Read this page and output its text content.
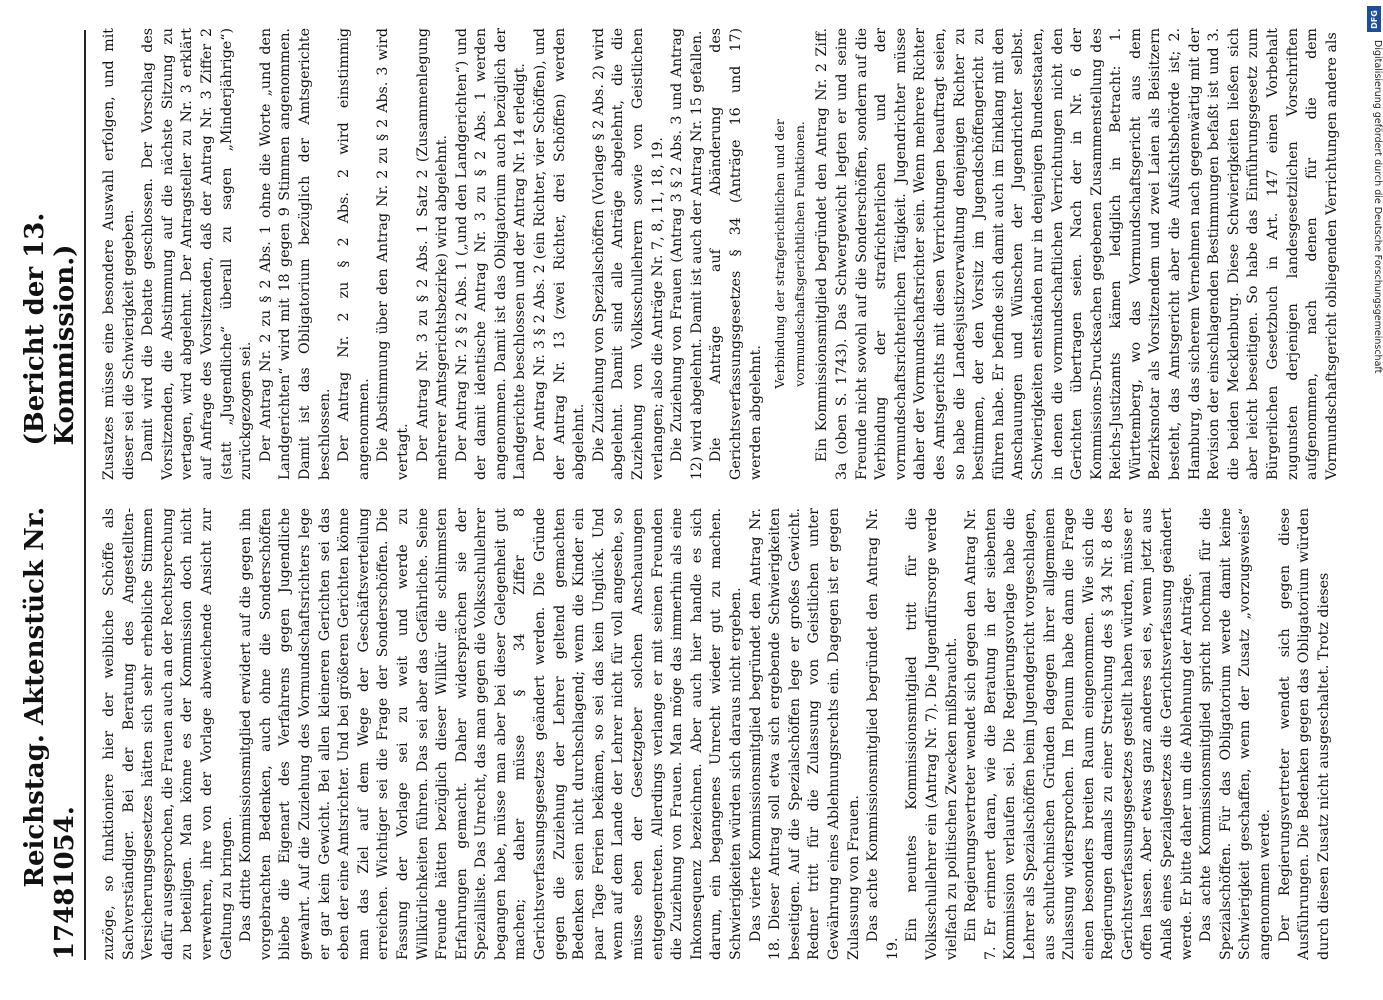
1748
Reichstag. Aktenstück Nr. 1054.
(Bericht der 13. Kommission.)

zuzöge, so funktioniere hier der weibliche Schöffe als Sachverständiger. Bei der Beratung des Angestellten-Versicherungsgesetzes hätten sich sehr erhebliche Stimmen dafür ausgesprochen, die Frauen auch an der Rechtsprechung zu beteiligen. Man könne es der Kommission doch nicht verwehren, ihre von der Vorlage abweichende Ansicht zur Geltung zu bringen. Das dritte Kommissionsmitglied erwidert auf die gegen ihn vorgebrachten Bedenken, auch ohne die Sonderschöffen bliebe die Eigenart des Verfahrens gegen Jugendliche gewahrt. Auf die Zuziehung des Vormundschaftsrichters lege er gar kein Gewicht. Bei allen kleineren Gerichten sei das eben der eine Amtsrichter. Und bei größeren Gerichten könne man das Ziel auf dem Wege der Geschäftsverteilung erreichen. Wichtiger sei die Frage der Sonderschöffen. Die Fassung der Vorlage sei zu weit und werde zu Willkürlichkeiten führen. Das sei aber das Gefährliche. Seine Freunde hätten bezüglich dieser Willkür die schlimmsten Erfahrungen gemacht. Daher widersprächen sie der Spezialliste. Das Unrecht, das man gegen die Volksschullehrer begangen habe, müsse man aber bei dieser Gelegenheit gut machen; daher müsse § 34 Ziffer 8 Gerichtsverfassungsgesetzes geändert werden. Die Gründe gegen die Zuziehung der Lehrer geltend gemachten Bedenken seien nicht durchschlagend; wenn die Kinder ein paar Tage Ferien bekämen, so sei das kein Unglück. Und wenn auf dem Lande der Lehrer nicht für voll angesehe, so müsse eben der Gesetzgeber solchen Anschauungen entgegentreten. Allerdings verlange er mit seinen Freunden die Zuziehung von Frauen. Man möge das immerhin als eine Inkonsequenz bezeichnen. Aber auch hier handle es sich darum, ein begangenes Unrecht wieder gut zu machen. Schwierigkeiten würden sich daraus nicht ergeben. Das vierte Kommissionsmitglied begründet den Antrag Nr. 18. Dieser Antrag soll etwa sich ergebende Schwierigkeiten beseitigen. Auf die Spezialschöffen lege er großes Gewicht. Redner tritt für die Zulassung von Geistlichen unter Gewährung eines Ablehnungsrechts ein. Dagegen ist er gegen Zulassung von Frauen. Das achte Kommissionsmitglied begründet den Antrag Nr. 19.

Ein neuntes Kommissionsmitglied tritt für die Volksschullehrer ein (Antrag Nr. 7). Die Jugendfürsorge werde vielfach zu politischen Zwecken mißbraucht. Ein Regierungsvertreter wendet sich gegen den Antrag Nr. 7. Er erinnert daran, wie die Beratung in der siebenten Kommission verlaufen sei. Die Regierungsvorlage habe die Lehrer als Spezialschöffen beim Jugendgericht vorgeschlagen, aus schultechnischen Gründen dagegen ihrer allgemeinen Zulassung widersprochen. Im Plenum habe dann die Frage einen besonders breiten Raum eingenommen. Wie sich die Regierungen damals zu einer Streichung des § 34 Nr. 8 des Gerichtsverfassungsgesetzes gestellt haben würden, müsse er offen lassen. Aber etwas ganz anderes sei es, wenn jetzt aus Anlaß eines Spezialgesetzes die Gerichtsverfassung geändert werde. Er bitte daher um die Ablehnung der Anträge. Das achte Kommissionsmitglied spricht nochmal für die Spezialschöffen. Für das Obligatorium werde damit keine Schwierigkeit geschaffen, wenn der Zusatz „vorzugsweise“ angenommen werde. Der Regierungsvertreter wendet sich gegen diese Ausführungen. Die Bedenken gegen das Obligatorium würden durch diesen Zusatz nicht ausgeschaltet. Trotz dieses

Zusatzes müsse eine besondere Auswahl erfolgen, und mit dieser sei die Schwierigkeit gegeben. Damit wird die Debatte geschlossen. Der Vorschlag des Vorsitzenden, die Abstimmung auf die nächste Sitzung zu vertagen, wird abgelehnt. Der Antragsteller zu Nr. 3 erklärt auf Anfrage des Vorsitzenden, daß der Antrag Nr. 3 Ziffer 2 (statt „Jugendliche“ überall zu sagen „Minderjährige“) zurückgezogen sei. Der Antrag Nr. 2 zu § 2 Abs. 1 ohne die Worte „und den Landgerichten“ wird mit 18 gegen 9 Stimmen angenommen. Damit ist das Obligatorium bezüglich der Amtsgerichte beschlossen. Der Antrag Nr. 2 zu § 2 Abs. 2 wird einstimmig angenommen. Die Abstimmung über den Antrag Nr. 2 zu § 2 Abs. 3 wird vertagt. Der Antrag Nr. 3 zu § 2 Abs. 1 Satz 2 (Zusammenlegung mehrerer Amtsgerichtsbezirke) wird abgelehnt. Der Antrag Nr. 2 § 2 Abs. 1 („und den Landgerichten“) und der damit identische Antrag Nr. 3 zu § 2 Abs. 1 werden angenommen. Damit ist das Obligatorium auch bezüglich der Landgerichte beschlossen und der Antrag Nr. 14 erledigt. Der Antrag Nr. 3 § 2 Abs. 2 (ein Richter, vier Schöffen), und der Antrag Nr. 13 (zwei Richter, drei Schöffen) werden abgelehnt. Die Zuziehung von Spezialschöffen (Vorlage § 2 Abs. 2) wird abgelehnt. Damit sind alle Anträge abgelehnt, die die Zuziehung von Volksschullehrern sowie von Geistlichen verlangen; also die Anträge Nr. 7, 8, 11, 18, 19. Die Zuziehung von Frauen (Antrag 3 § 2 Abs. 3 und Antrag 12) wird abgelehnt. Damit ist auch der Antrag Nr. 15 gefallen. Die Anträge auf Abänderung des Gerichtsverfassungsgesetzes § 34 (Anträge 16 und 17) werden abgelehnt.

Verbindung der strafgerichtlichen und der vormundschaftsgerichtlichen Funktionen. Ein Kommissionsmitglied begründet den Antrag Nr. 2 Ziff. 3a (oben S. 1743). Das Schwergewicht legten er und seine Freunde nicht sowohl auf die Sonderschöffen, sondern auf die Verbindung der strafrichterlichen und der vormundschaftsrichterlichen Tätigkeit. Jugendrichter müsse daher der Vormundschaftsrichter sein. Wenn mehrere Richter des Amtsgerichts mit diesen Verrichtungen beauftragt seien, so habe die Landesjustizverwaltung denjenigen Richter zu bestimmen, der den Vorsitz im Jugendschöffengericht zu führen habe. Er befinde sich damit auch im Einklang mit den Anschauungen und Wünschen der Jugendrichter selbst. Schwierigkeiten entständen nur in denjenigen Bundesstaaten, in denen die vormundschaftlichen Verrichtungen nicht den Gerichten übertragen seien. Nach der in Nr. 6 der Kommissions-Drucksachen gegebenen Zusammenstellung des Reichs-Justizamts kämen lediglich in Betracht: 1. Württemberg, wo das Vormundschaftsgericht aus dem Bezirksnotar als Vorsitzendem und zwei Laien als Beisitzern besteht, das Amtsgericht aber die Aufsichtsbehörde ist; 2. Hamburg, das sicherem Vernehmen nach gegenwärtig mit der Revision der einschlagenden Bestimmungen befaßt ist und 3. die beiden Mecklenburg. Diese Schwierigkeiten ließen sich aber leicht beseitigen. So habe das Einführungsgesetz zum Bürgerlichen Gesetzbuch in Art. 147 einen Vorbehalt zugunsten derjenigen landesgesetzlichen Vorschriften aufgenommen, nach denen für die dem Vormundschaftsgericht obliegenden Verrichtungen andere als

DFG
Digitalisierung gefördert durch die Deutsche Forschungsgemeinschaft
